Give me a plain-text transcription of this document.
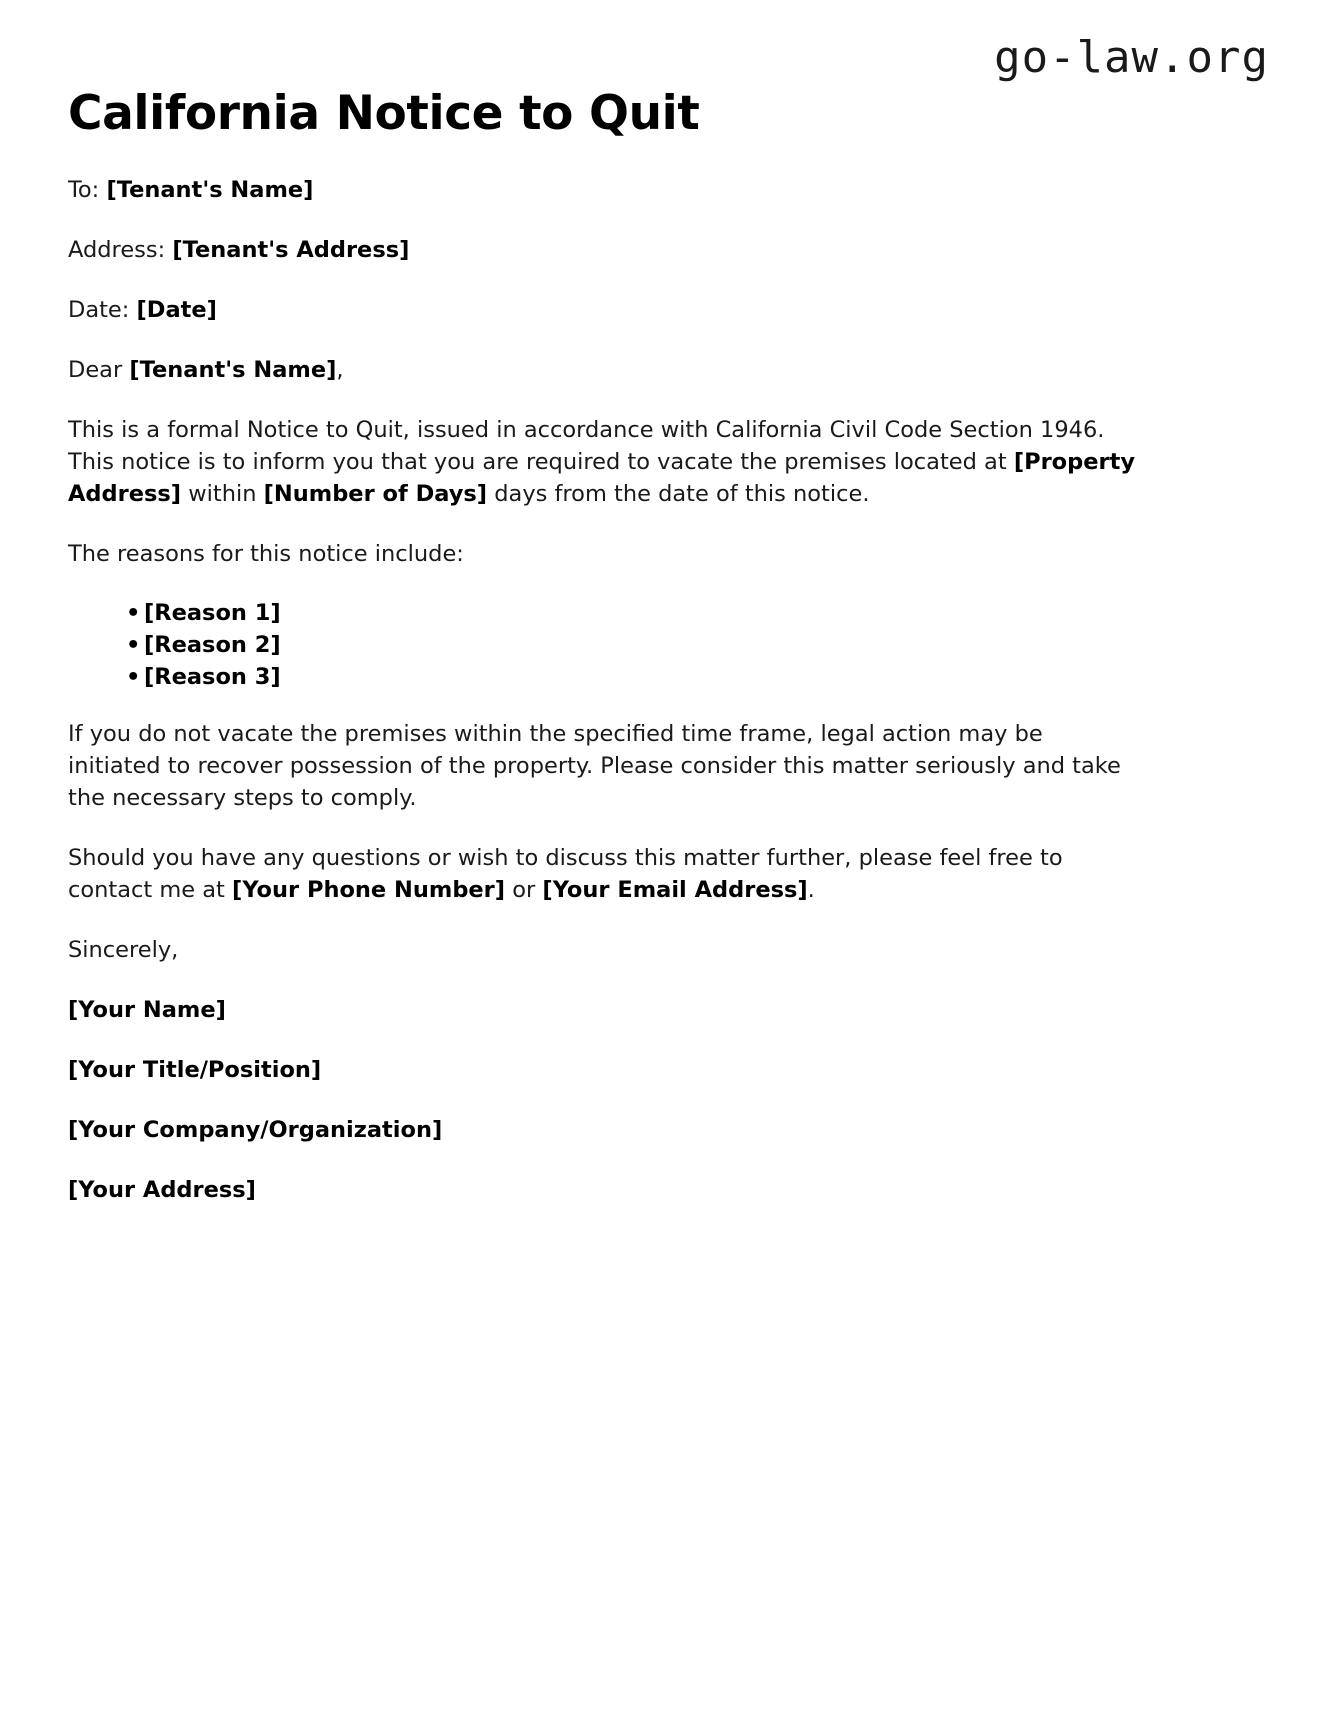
go-law.org
California Notice to Quit

To: [Tenant's Name]

Address: [Tenant's Address]

Date: [Date]

Dear [Tenant's Name],

This is a formal Notice to Quit, issued in accordance with California Civil Code Section 1946. This notice is to inform you that you are required to vacate the premises located at [Property Address] within [Number of Days] days from the date of this notice.

The reasons for this notice include:

• [Reason 1]
• [Reason 2]
• [Reason 3]

If you do not vacate the premises within the specified time frame, legal action may be initiated to recover possession of the property. Please consider this matter seriously and take the necessary steps to comply.

Should you have any questions or wish to discuss this matter further, please feel free to contact me at [Your Phone Number] or [Your Email Address].

Sincerely,

[Your Name]

[Your Title/Position]

[Your Company/Organization]

[Your Address]
